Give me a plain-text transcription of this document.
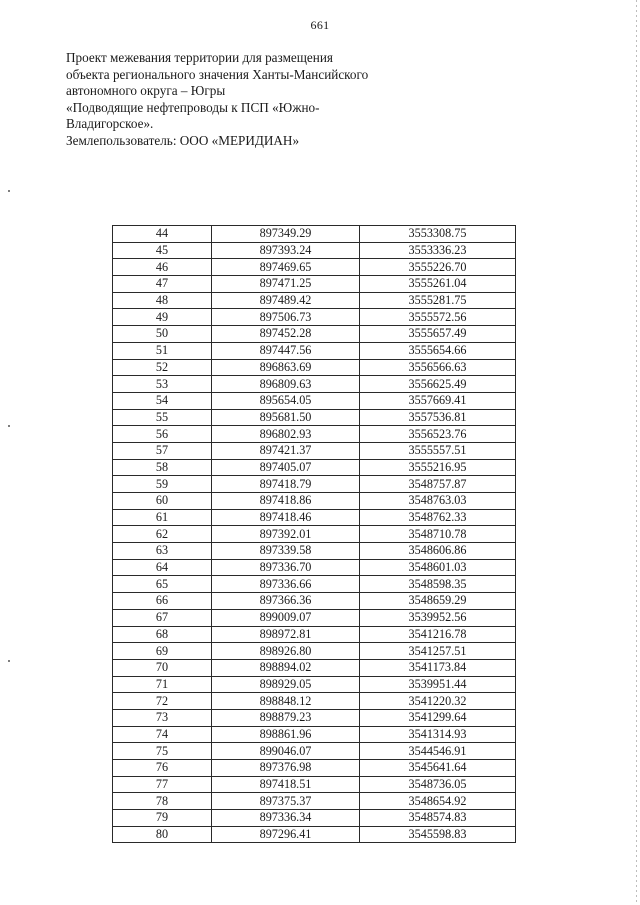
661
Проект межевания территории для размещения
объекта регионального значения Ханты-Мансийского
автономного округа – Югры
«Подводящие нефтепроводы к ПСП «Южно-
Владигорское».
Землепользователь: ООО «МЕРИДИАН»
44	897349.29	3553308.75
45	897393.24	3553336.23
46	897469.65	3555226.70
47	897471.25	3555261.04
48	897489.42	3555281.75
49	897506.73	3555572.56
50	897452.28	3555657.49
51	897447.56	3555654.66
52	896863.69	3556566.63
53	896809.63	3556625.49
54	895654.05	3557669.41
55	895681.50	3557536.81
56	896802.93	3556523.76
57	897421.37	3555557.51
58	897405.07	3555216.95
59	897418.79	3548757.87
60	897418.86	3548763.03
61	897418.46	3548762.33
62	897392.01	3548710.78
63	897339.58	3548606.86
64	897336.70	3548601.03
65	897336.66	3548598.35
66	897366.36	3548659.29
67	899009.07	3539952.56
68	898972.81	3541216.78
69	898926.80	3541257.51
70	898894.02	3541173.84
71	898929.05	3539951.44
72	898848.12	3541220.32
73	898879.23	3541299.64
74	898861.96	3541314.93
75	899046.07	3544546.91
76	897376.98	3545641.64
77	897418.51	3548736.05
78	897375.37	3548654.92
79	897336.34	3548574.83
80	897296.41	3545598.83
